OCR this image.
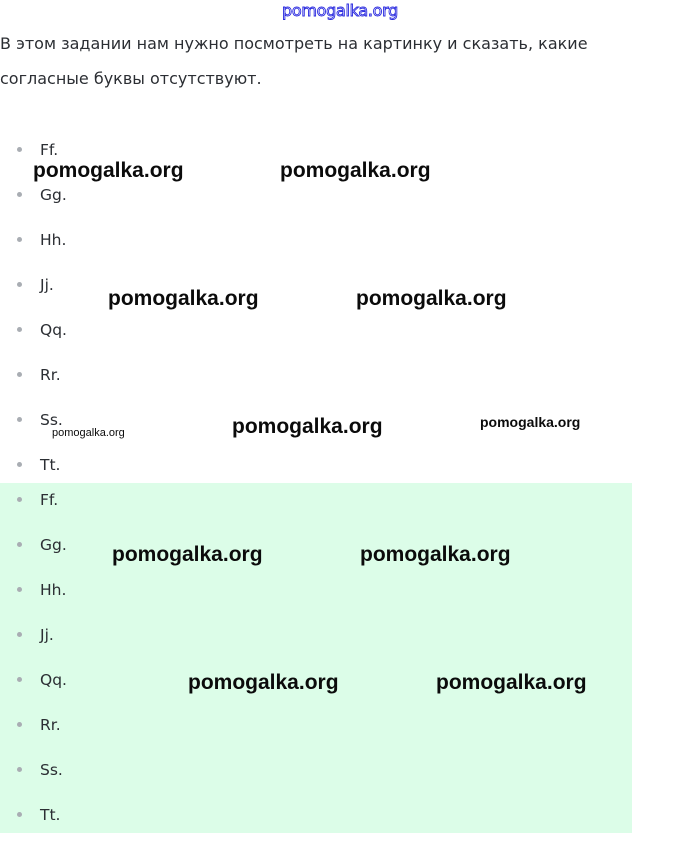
pomogalka.org

В этом задании нам нужно посмотреть на картинку и сказать, какие согласные буквы отсутствуют.

Ff.
Gg.
Hh.
Jj.
Qq.
Rr.
Ss.
Tt.
Ff.
Gg.
Hh.
Jj.
Qq.
Rr.
Ss.
Tt.
pomogalka.org	pomogalka.org
pomogalka.org	pomogalka.org
pomogalka.org	pomogalka.org
pomogalka.org
pomogalka.org	pomogalka.org
pomogalka.org	pomogalka.org
